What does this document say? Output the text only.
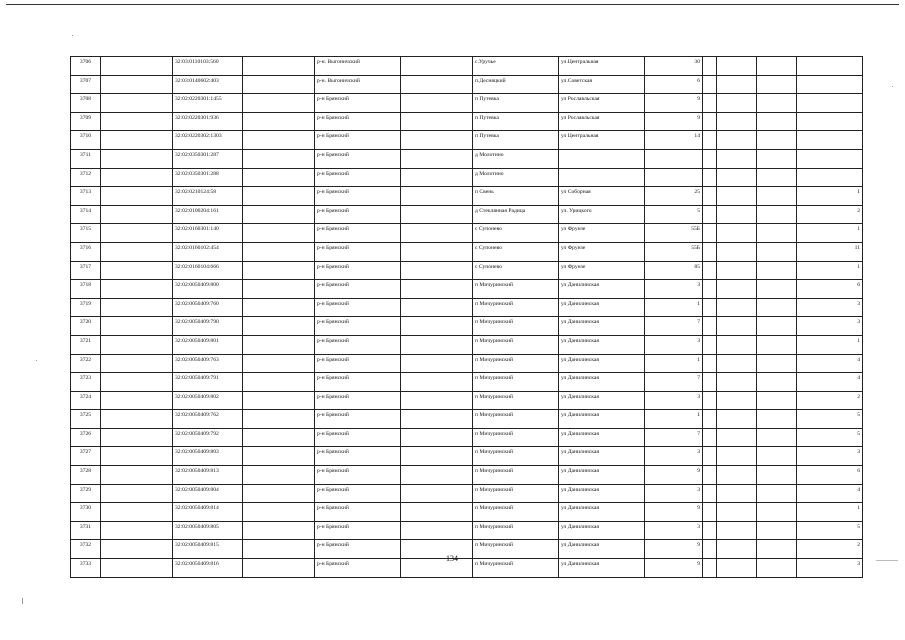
3706		32:03:0110103:560		р-н. Выгоничский		с.Уручье	ул.Центральная	30				
3707		32:03:0140602:403		р-н. Выгоничский		п.Десняцкий	ул.Советская	6				
3708		32:02:0220301:1455		р-н Брянский		п Путевка	ул Рославльская	9				
3709		32:02:0220301:936		р-н Брянский		п Путевка	ул Рославльская	9				
3710		32:02:0220302:1303		р-н Брянский		п Путевка	ул Центральная	14				
3711		32:02:0350301:287		р-н Брянский		д Молотино						
3712		32:02:0350301:288		р-н Брянский		д Молотино						
3713		32:02:0210124:58		р-н Брянский		п Свень	ул Соборная	25				1
3714		32:02:0100204:161		р-н Брянский		д Стеклянная Радица	ул. Урицкого	5				2
3715		32:02:0160301:140		р-н Брянский		с Супонево	ул Фрунзе	55Б				1
3716		32:02:0160102:454		р-н Брянский		с Супонево	ул Фрунзе	55Б				11
3717		32:02:0160104:666		р-н Брянский		с Супонево	ул Фрунзе	85				1
3718		32:02:0050409:800		р-н Брянский		п Мичуринский	ул Данилинская	3				6
3719		32:02:0050409:760		р-н Брянский		п Мичуринский	ул Данилинская	1				3
3720		32:02:0050409:790		р-н Брянский		п Мичуринский	ул Данилинская	7				3
3721		32:02:0050409:801		р-н Брянский		п Мичуринский	ул Данилинская	3				1
3722		32:02:0050409:763		р-н Брянский		п Мичуринский	ул Данилинская	1				4
3723		32:02:0050409:791		р-н Брянский		п Мичуринский	ул Данилинская	7				4
3724		32:02:0050409:802		р-н Брянский		п Мичуринский	ул Данилинская	3				2
3725		32:02:0050409:762		р-н Брянский		п Мичуринский	ул Данилинская	1				5
3726		32:02:0050409:792		р-н Брянский		п Мичуринский	ул Данилинская	7				5
3727		32:02:0050409:803		р-н Брянский		п Мичуринский	ул Данилинская	3				3
3728		32:02:0050409:813		р-н Брянский		п Мичуринский	ул Данилинская	9				6
3729		32:02:0050409:804		р-н Брянский		п Мичуринский	ул Данилинская	3				4
3730		32:02:0050409:814		р-н Брянский		п Мичуринский	ул Данилинская	9				1
3731		32:02:0050409:805		р-н Брянский		п Мичуринский	ул Данилинская	3				5
3732		32:02:0050409:815		р-н Брянский		п Мичуринский	ул Данилинская	9				2
3733		32:02:0050409:816		р-н Брянский		п Мичуринский	ул Данилинская	9				3
134
